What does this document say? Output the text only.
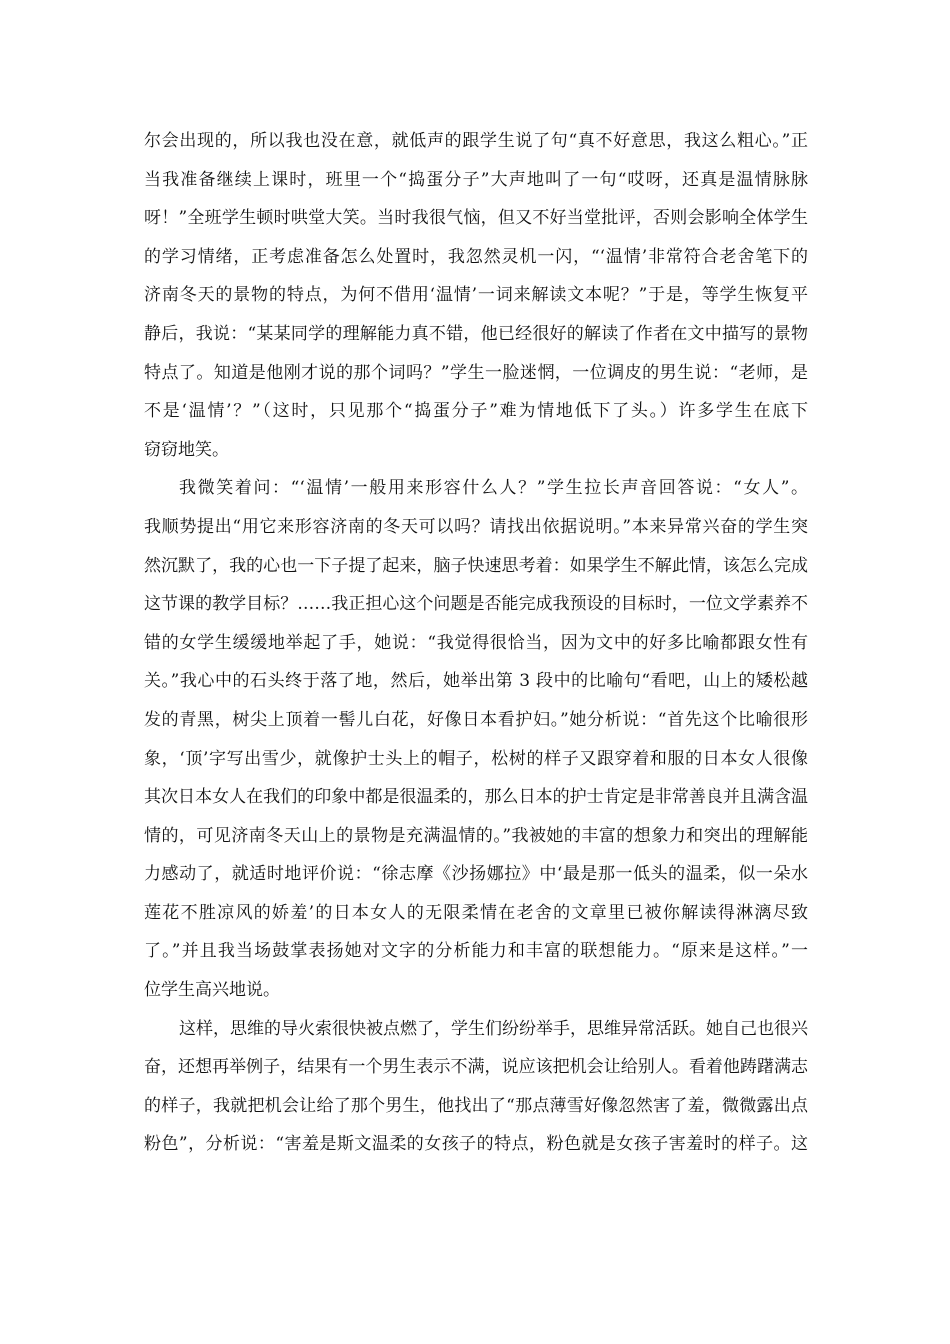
尔会出现的，所以我也没在意，就低声的跟学生说了句“真不好意思，我这么粗心。”正
当我准备继续上课时，班里一个“捣蛋分子”大声地叫了一句“哎呀，还真是温情脉脉
呀！”全班学生顿时哄堂大笑。当时我很气恼，但又不好当堂批评，否则会影响全体学生
的学习情绪，正考虑准备怎么处置时，我忽然灵机一闪，“‘温情’非常符合老舍笔下的
济南冬天的景物的特点，为何不借用‘温情’一词来解读文本呢？”于是，等学生恢复平
静后，我说：“某某同学的理解能力真不错，他已经很好的解读了作者在文中描写的景物
特点了。知道是他刚才说的那个词吗？”学生一脸迷惘，一位调皮的男生说：“老师，是
不是‘温情’？”（这时，只见那个“捣蛋分子”难为情地低下了头。）许多学生在底下
窃窃地笑。
我微笑着问：“‘温情’一般用来形容什么人？”学生拉长声音回答说：“女人”。
我顺势提出“用它来形容济南的冬天可以吗？请找出依据说明。”本来异常兴奋的学生突
然沉默了，我的心也一下子提了起来，脑子快速思考着：如果学生不解此情，该怎么完成
这节课的教学目标？……我正担心这个问题是否能完成我预设的目标时，一位文学素养不
错的女学生缓缓地举起了手，她说：“我觉得很恰当，因为文中的好多比喻都跟女性有
关。”我心中的石头终于落了地，然后，她举出第 3 段中的比喻句“看吧，山上的矮松越
发的青黑，树尖上顶着一髻儿白花，好像日本看护妇。”她分析说：“首先这个比喻很形
象，‘顶’字写出雪少，就像护士头上的帽子，松树的样子又跟穿着和服的日本女人很像
其次日本女人在我们的印象中都是很温柔的，那么日本的护士肯定是非常善良并且满含温
情的，可见济南冬天山上的景物是充满温情的。”我被她的丰富的想象力和突出的理解能
力感动了，就适时地评价说：“徐志摩《沙扬娜拉》中‘最是那一低头的温柔，似一朵水
莲花不胜凉风的娇羞’的日本女人的无限柔情在老舍的文章里已被你解读得淋漓尽致
了。”并且我当场鼓掌表扬她对文字的分析能力和丰富的联想能力。“原来是这样。”一
位学生高兴地说。
这样，思维的导火索很快被点燃了，学生们纷纷举手，思维异常活跃。她自己也很兴
奋，还想再举例子，结果有一个男生表示不满，说应该把机会让给别人。看着他踌躇满志
的样子，我就把机会让给了那个男生，他找出了“那点薄雪好像忽然害了羞，微微露出点
粉色”，分析说：“害羞是斯文温柔的女孩子的特点，粉色就是女孩子害羞时的样子。这
